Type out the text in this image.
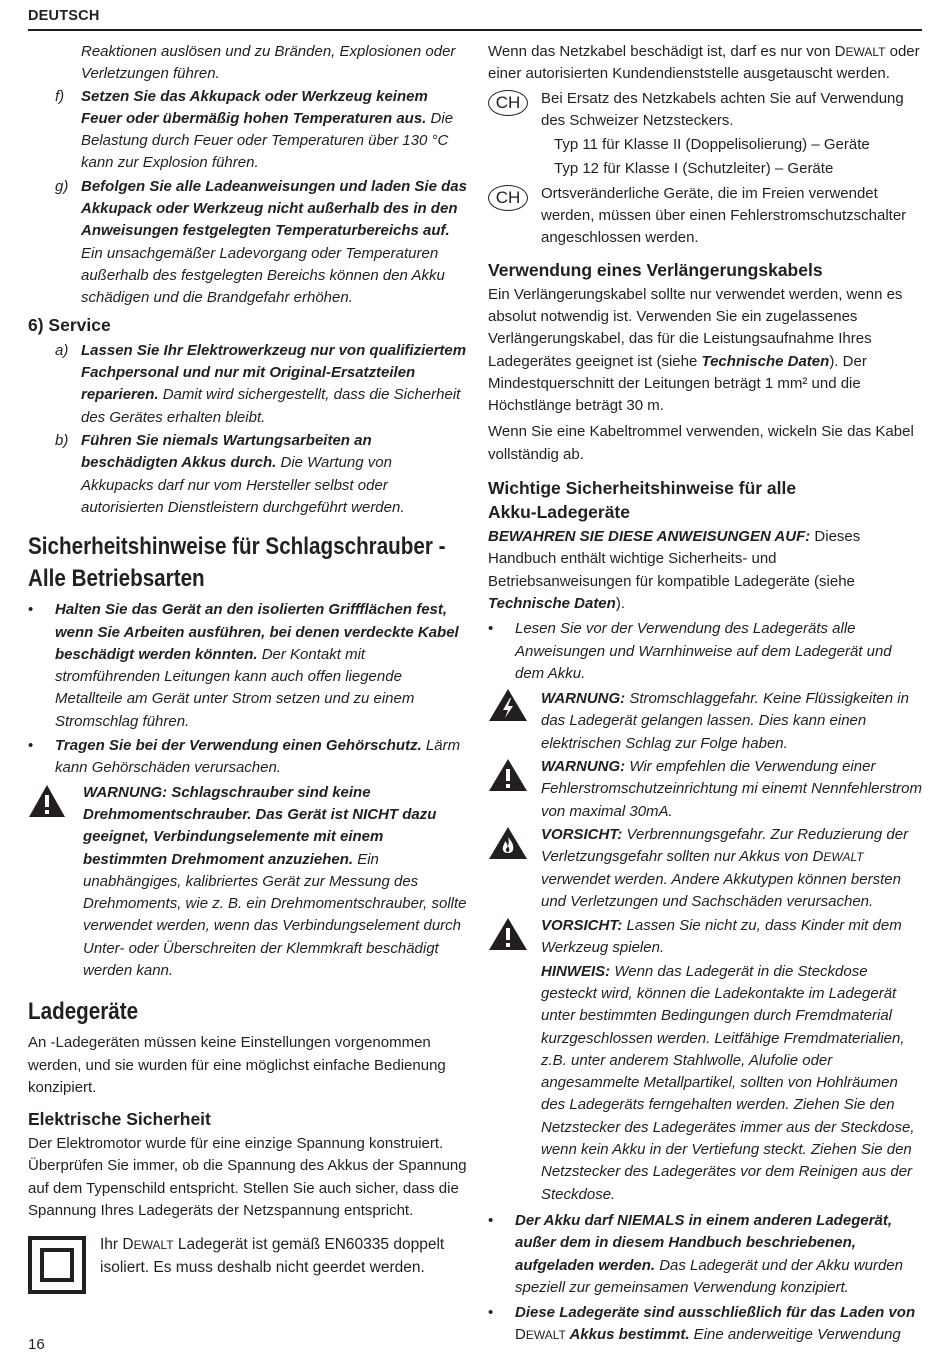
DEUTSCH

Reaktionen auslösen und zu Bränden, Explosionen oder Verletzungen führen.

f) Setzen Sie das Akkupack oder Werkzeug keinem Feuer oder übermäßig hohen Temperaturen aus. Die Belastung durch Feuer oder Temperaturen über 130 °C kann zur Explosion führen.
g) Befolgen Sie alle Ladeanweisungen und laden Sie das Akkupack oder Werkzeug nicht außerhalb des in den Anweisungen festgelegten Temperaturbereichs auf. Ein unsachgemäßer Ladevorgang oder Temperaturen außerhalb des festgelegten Bereichs können den Akku schädigen und die Brandgefahr erhöhen.
6) Service
a) Lassen Sie Ihr Elektrowerkzeug nur von qualifiziertem Fachpersonal und nur mit Original-Ersatzteilen reparieren. Damit wird sichergestellt, dass die Sicherheit des Gerätes erhalten bleibt.
b) Führen Sie niemals Wartungsarbeiten an beschädigten Akkus durch. Die Wartung von Akkupacks darf nur vom Hersteller selbst oder autorisierten Dienstleistern durchgeführt werden.
Sicherheitshinweise für Schlagschrauber -
Alle Betriebsarten
• Halten Sie das Gerät an den isolierten Griffflächen fest, wenn Sie Arbeiten ausführen, bei denen verdeckte Kabel beschädigt werden könnten. Der Kontakt mit stromführenden Leitungen kann auch offen liegende Metallteile am Gerät unter Strom setzen und zu einem Stromschlag führen.
• Tragen Sie bei der Verwendung einen Gehörschutz. Lärm kann Gehörschäden verursachen.
WARNUNG: Schlagschrauber sind keine Drehmomentschrauber. Das Gerät ist NICHT dazu geeignet, Verbindungselemente mit einem bestimmten Drehmoment anzuziehen. Ein unabhängiges, kalibriertes Gerät zur Messung des Drehmoments, wie z. B. ein Drehmomentschrauber, sollte verwendet werden, wenn das Verbindungselement durch Unter- oder Überschreiten der Klemmkraft beschädigt werden kann.
Ladegeräte

An -Ladegeräten müssen keine Einstellungen vorgenommen werden, und sie wurden für eine möglichst einfache Bedienung konzipiert.

Elektrische Sicherheit

Der Elektromotor wurde für eine einzige Spannung konstruiert. Überprüfen Sie immer, ob die Spannung des Akkus der Spannung auf dem Typenschild entspricht. Stellen Sie auch sicher, dass die Spannung Ihres Ladegeräts der Netzspannung entspricht.

Ihr DEWALT Ladegerät ist gemäß EN60335 doppelt isoliert. Es muss deshalb nicht geerdet werden.

Wenn das Netzkabel beschädigt ist, darf es nur von DEWALT oder einer autorisierten Kundendienststelle ausgetauscht werden.

CH	Bei Ersatz des Netzkabels achten Sie auf Verwendung des Schweizer Netzsteckers.

Typ 11 für Klasse II (Doppelisolierung) – Geräte

Typ 12 für Klasse I (Schutzleiter) – Geräte

CH	Ortsveränderliche Geräte, die im Freien verwendet werden, müssen über einen Fehlerstromschutzschalter angeschlossen werden.
Verwendung eines Verlängerungskabels

Ein Verlängerungskabel sollte nur verwendet werden, wenn es absolut notwendig ist. Verwenden Sie ein zugelassenes Verlängerungskabel, das für die Leistungsaufnahme Ihres Ladegerätes geeignet ist (siehe Technische Daten). Der Mindestquerschnitt der Leitungen beträgt 1 mm² und die Höchstlänge beträgt 30 m.

Wenn Sie eine Kabeltrommel verwenden, wickeln Sie das Kabel vollständig ab.

Wichtige Sicherheitshinweise für alle
Akku-Ladegeräte

BEWAHREN SIE DIESE ANWEISUNGEN AUF: Dieses Handbuch enthält wichtige Sicherheits- und Betriebsanweisungen für kompatible Ladegeräte (siehe Technische Daten).

• Lesen Sie vor der Verwendung des Ladegeräts alle Anweisungen und Warnhinweise auf dem Ladegerät und dem Akku.
WARNUNG: Stromschlaggefahr. Keine Flüssigkeiten in das Ladegerät gelangen lassen. Dies kann einen elektrischen Schlag zur Folge haben.
WARNUNG: Wir empfehlen die Verwendung einer Fehlerstromschutzeinrichtung mi einemt Nennfehlerstrom von maximal 30mA.
VORSICHT: Verbrennungsgefahr. Zur Reduzierung der Verletzungsgefahr sollten nur Akkus von DEWALT verwendet werden. Andere Akkutypen können bersten und Verletzungen und Sachschäden verursachen.
VORSICHT: Lassen Sie nicht zu, dass Kinder mit dem Werkzeug spielen.
HINWEIS: Wenn das Ladegerät in die Steckdose gesteckt wird, können die Ladekontakte im Ladegerät unter bestimmten Bedingungen durch Fremdmaterial kurzgeschlossen werden. Leitfähige Fremdmaterialien, z.B. unter anderem Stahlwolle, Alufolie oder angesammelte Metallpartikel, sollten von Hohlräumen des Ladegeräts ferngehalten werden. Ziehen Sie den Netzstecker des Ladegerätes immer aus der Steckdose, wenn kein Akku in der Vertiefung steckt. Ziehen Sie den Netzstecker des Ladegerätes vor dem Reinigen aus der Steckdose.
• Der Akku darf NIEMALS in einem anderen Ladegerät, außer dem in diesem Handbuch beschriebenen, aufgeladen werden. Das Ladegerät und der Akku wurden speziell zur gemeinsamen Verwendung konzipiert.
• Diese Ladegeräte sind ausschließlich für das Laden von DEWALT Akkus bestimmt. Eine anderweitige Verwendung
16
